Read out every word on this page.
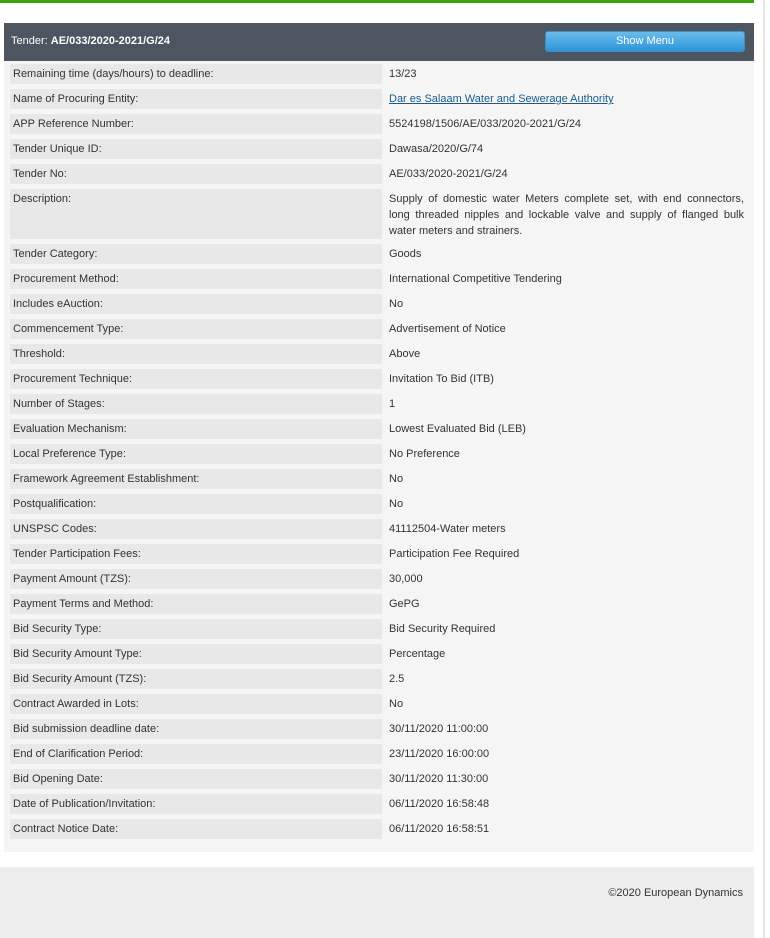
Tender: AE/033/2020-2021/G/24	Show Menu
Remaining time (days/hours) to deadline:	13/23
Name of Procuring Entity:	Dar es Salaam Water and Sewerage Authority
APP Reference Number:	5524198/1506/AE/033/2020-2021/G/24
Tender Unique ID:	Dawasa/2020/G/74
Tender No:	AE/033/2020-2021/G/24
Description:	Supply of domestic water Meters complete set, with end connectors, long threaded nipples and lockable valve and supply of flanged bulk water meters and strainers.
Tender Category:	Goods
Procurement Method:	International Competitive Tendering
Includes eAuction:	No
Commencement Type:	Advertisement of Notice
Threshold:	Above
Procurement Technique:	Invitation To Bid (ITB)
Number of Stages:	1
Evaluation Mechanism:	Lowest Evaluated Bid (LEB)
Local Preference Type:	No Preference
Framework Agreement Establishment:	No
Postqualification:	No
UNSPSC Codes:	41112504-Water meters
Tender Participation Fees:	Participation Fee Required
Payment Amount (TZS):	30,000
Payment Terms and Method:	GePG
Bid Security Type:	Bid Security Required
Bid Security Amount Type:	Percentage
Bid Security Amount (TZS):	2.5
Contract Awarded in Lots:	No
Bid submission deadline date:	30/11/2020 11:00:00
End of Clarification Period:	23/11/2020 16:00:00
Bid Opening Date:	30/11/2020 11:30:00
Date of Publication/Invitation:	06/11/2020 16:58:48
Contract Notice Date:	06/11/2020 16:58:51
©2020 European Dynamics
